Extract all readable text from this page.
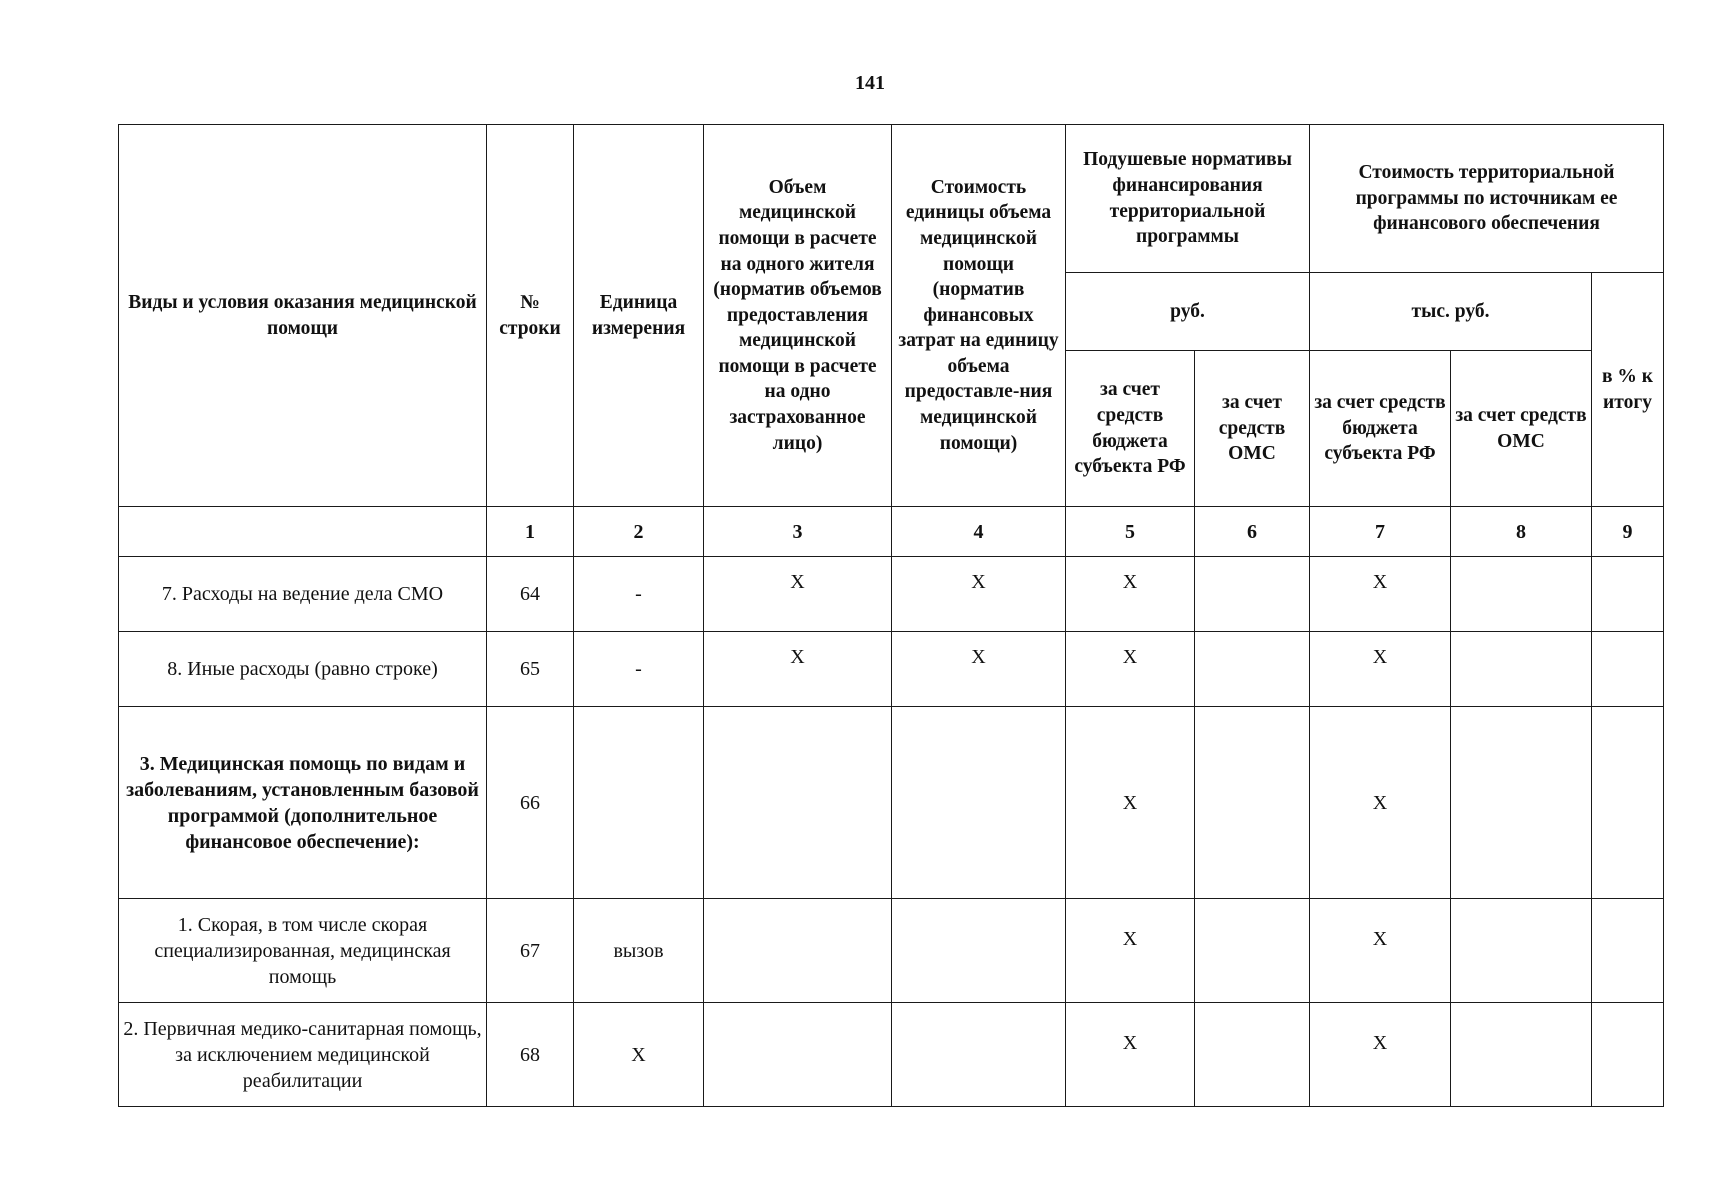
141
Виды и условия оказания медицинской помощи	№ строки	Единица измерения	Объем медицинской помощи в расчете на одного жителя (норматив объемов предоставления медицинской помощи в расчете на одно застрахованное лицо)	Стоимость единицы объема медицинской помощи (норматив финансовых затрат на единицу объема предоставле-ния медицинской помощи)	Подушевые нормативы финансирования территориальной программы		Стоимость территориальной программы по источникам ее финансового обеспечения		
					руб.		тыс. руб.		в % к итогу
					за счет средств бюджета субъекта РФ	за счет средств ОМС	за счет средств бюджета субъекта РФ	за счет средств ОМС	
	1	2	3	4	5	6	7	8	9
7. Расходы на ведение дела СМО	64	-	Х	Х	Х		Х		

8. Иные расходы (равно строке)	65	-	Х	Х	Х		Х		

3. Медицинская помощь по видам и заболеваниям, установленным базовой программой (дополнительное финансовое обеспечение):	66				Х		Х		
1. Скорая, в том числе скорая специализированная, медицинская помощь	67	вызов			Х		Х		

2. Первичная медико-санитарная помощь, за исключением медицинской реабилитации	68	Х			Х		Х		
